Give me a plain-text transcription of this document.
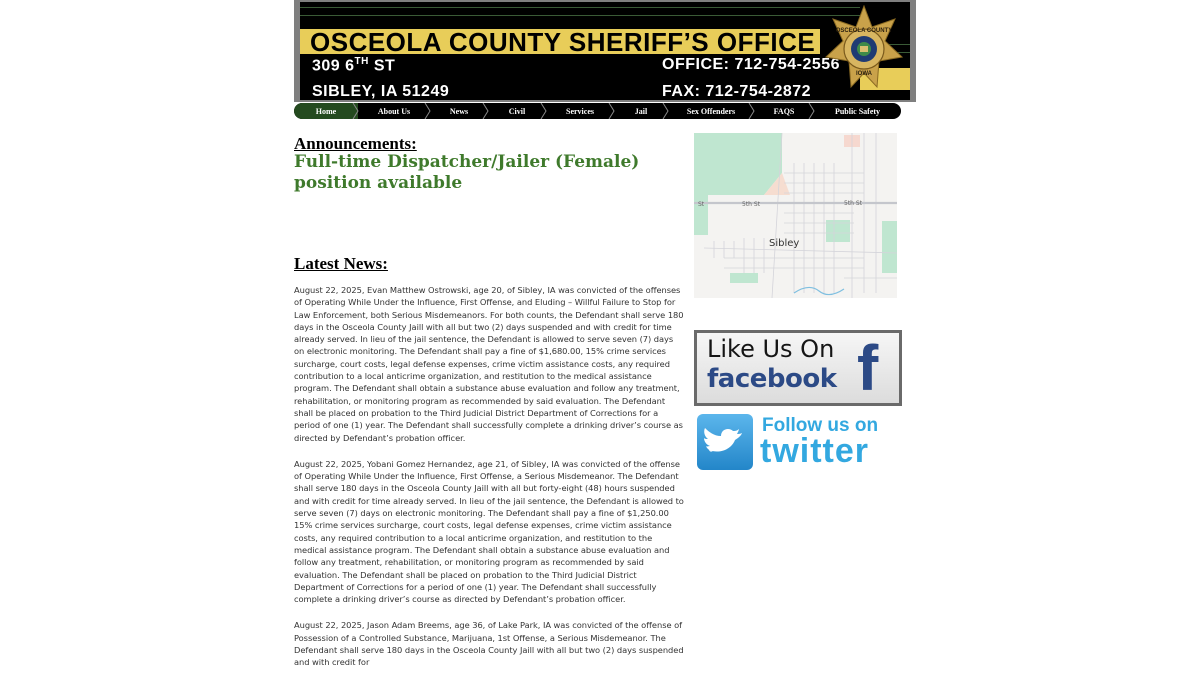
OSCEOLA COUNTY SHERIFF’S OFFICE
309 6TH ST
SIBLEY, IA 51249
OFFICE: 712-754-2556
FAX: 712-754-2872
OSCEOLA COUNTY
IOWA
Home	About Us	News	Civil	Services	Jail	Sex Offenders	FAQS	Public Safety
Announcements:
Full-time Dispatcher/Jailer (Female) position available
Latest News:

August 22, 2025, Evan Matthew Ostrowski, age 20, of Sibley, IA was convicted of the offenses of Operating While Under the Influence, First Offense, and Eluding – Willful Failure to Stop for Law Enforcement, both Serious Misdemeanors. For both counts, the Defendant shall serve 180 days in the Osceola County Jaill with all but two (2) days suspended and with credit for time already served. In lieu of the jail sentence, the Defendant is allowed to serve seven (7) days on electronic monitoring. The Defendant shall pay a fine of $1,680.00, 15% crime services surcharge, court costs, legal defense expenses, crime victim assistance costs, any required contribution to a local anticrime organization, and restitution to the medical assistance program. The Defendant shall obtain a substance abuse evaluation and follow any treatment, rehabilitation, or monitoring program as recommended by said evaluation. The Defendant shall be placed on probation to the Third Judicial District Department of Corrections for a period of one (1) year. The Defendant shall successfully complete a drinking driver’s course as directed by Defendant’s probation officer.

August 22, 2025, Yobani Gomez Hernandez, age 21, of Sibley, IA was convicted of the offense of Operating While Under the Influence, First Offense, a Serious Misdemeanor. The Defendant shall serve 180 days in the Osceola County Jaill with all but forty-eight (48) hours suspended and with credit for time already served. In lieu of the jail sentence, the Defendant is allowed to serve seven (7) days on electronic monitoring. The Defendant shall pay a fine of $1,250.00 15% crime services surcharge, court costs, legal defense expenses, crime victim assistance costs, any required contribution to a local anticrime organization, and restitution to the medical assistance program. The Defendant shall obtain a substance abuse evaluation and follow any treatment, rehabilitation, or monitoring program as recommended by said evaluation. The Defendant shall be placed on probation to the Third Judicial District Department of Corrections for a period of one (1) year. The Defendant shall successfully complete a drinking driver’s course as directed by Defendant’s probation officer.

August 22, 2025, Jason Adam Breems, age 36, of Lake Park, IA was convicted of the offense of Possession of a Controlled Substance, Marijuana, 1st Offense, a Serious Misdemeanor. The Defendant shall serve 180 days in the Osceola County Jaill with all but two (2) days suspended and with credit for

St	5th St	5th St
Sibley
Like Us On
facebook f
Follow us on
twitter
